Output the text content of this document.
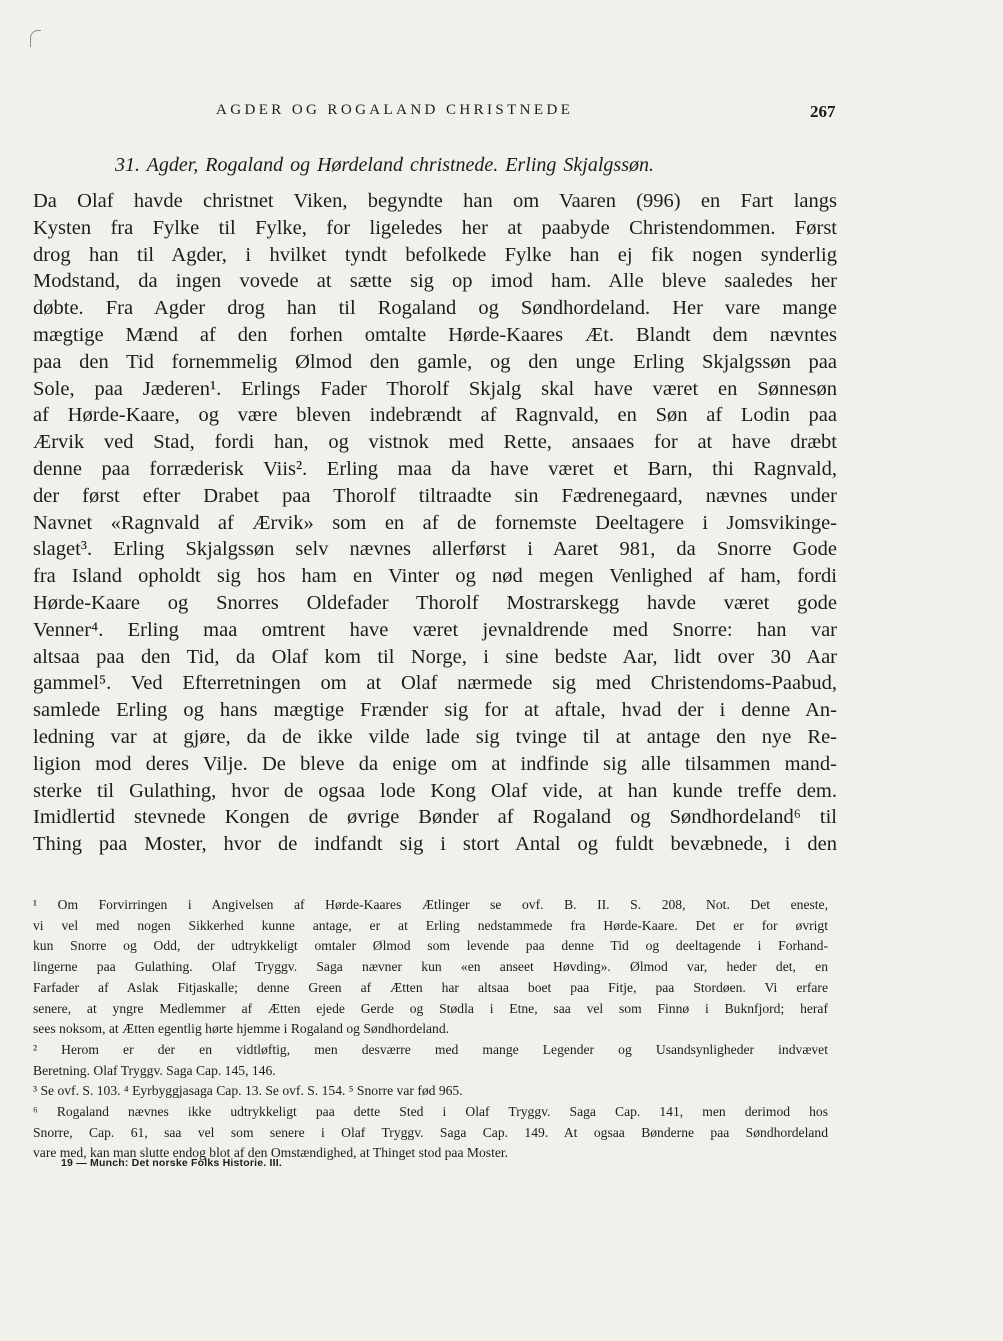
AGDER OG ROGALAND CHRISTNEDE	267
31. Agder, Rogaland og Hørdeland christnede. Erling Skjalgssøn.
Da Olaf havde christnet Viken, begyndte han om Vaaren (996) en Fart langs
Kysten fra Fylke til Fylke, for ligeledes her at paabyde Christendommen. Først
drog han til Agder, i hvilket tyndt befolkede Fylke han ej fik nogen synderlig
Modstand, da ingen vovede at sætte sig op imod ham. Alle bleve saaledes her
døbte. Fra Agder drog han til Rogaland og Søndhordeland. Her vare mange
mægtige Mænd af den forhen omtalte Hørde-Kaares Æt. Blandt dem nævntes
paa den Tid fornemmelig Ølmod den gamle, og den unge Erling Skjalgssøn paa
Sole, paa Jæderen¹. Erlings Fader Thorolf Skjalg skal have været en Sønnesøn
af Hørde-Kaare, og være bleven indebrændt af Ragnvald, en Søn af Lodin paa
Ærvik ved Stad, fordi han, og vistnok med Rette, ansaaes for at have dræbt
denne paa forræderisk Viis². Erling maa da have været et Barn, thi Ragnvald,
der først efter Drabet paa Thorolf tiltraadte sin Fædrenegaard, nævnes under
Navnet «Ragnvald af Ærvik» som en af de fornemste Deeltagere i Jomsvikinge-
slaget³. Erling Skjalgssøn selv nævnes allerførst i Aaret 981, da Snorre Gode
fra Island opholdt sig hos ham en Vinter og nød megen Venlighed af ham, fordi
Hørde-Kaare og Snorres Oldefader Thorolf Mostrarskegg havde været gode
Venner⁴. Erling maa omtrent have været jevnaldrende med Snorre: han var
altsaa paa den Tid, da Olaf kom til Norge, i sine bedste Aar, lidt over 30 Aar
gammel⁵. Ved Efterretningen om at Olaf nærmede sig med Christendoms-Paabud,
samlede Erling og hans mægtige Frænder sig for at aftale, hvad der i denne An-
ledning var at gjøre, da de ikke vilde lade sig tvinge til at antage den nye Re-
ligion mod deres Vilje. De bleve da enige om at indfinde sig alle tilsammen mand-
sterke til Gulathing, hvor de ogsaa lode Kong Olaf vide, at han kunde treffe dem.
Imidlertid stevnede Kongen de øvrige Bønder af Rogaland og Søndhordeland⁶ til
Thing paa Moster, hvor de indfandt sig i stort Antal og fuldt bevæbnede, i den
¹ Om Forvirringen i Angivelsen af Hørde-Kaares Ætlinger se ovf. B. II. S. 208, Not. Det eneste,
vi vel med nogen Sikkerhed kunne antage, er at Erling nedstammede fra Hørde-Kaare. Det er for øvrigt
kun Snorre og Odd, der udtrykkeligt omtaler Ølmod som levende paa denne Tid og deeltagende i Forhand-
lingerne paa Gulathing. Olaf Tryggv. Saga nævner kun «en anseet Høvding». Ølmod var, heder det, en
Farfader af Aslak Fitjaskalle; denne Green af Ætten har altsaa boet paa Fitje, paa Stordøen. Vi erfare
senere, at yngre Medlemmer af Ætten ejede Gerde og Stødla i Etne, saa vel som Finnø i Buknfjord; heraf
sees noksom, at Ætten egentlig hørte hjemme i Rogaland og Søndhordeland.
² Herom er der en vidtløftig, men desværre med mange Legender og Usandsynligheder indvævet
Beretning. Olaf Tryggv. Saga Cap. 145, 146.
³ Se ovf. S. 103. ⁴ Eyrbyggjasaga Cap. 13. Se ovf. S. 154. ⁵ Snorre var fød 965.
⁶ Rogaland nævnes ikke udtrykkeligt paa dette Sted i Olaf Tryggv. Saga Cap. 141, men derimod hos
Snorre, Cap. 61, saa vel som senere i Olaf Tryggv. Saga Cap. 149. At ogsaa Bønderne paa Søndhordeland
vare med, kan man slutte endog blot af den Omstændighed, at Thinget stod paa Moster.
19 — Munch: Det norske Folks Historie. III.
